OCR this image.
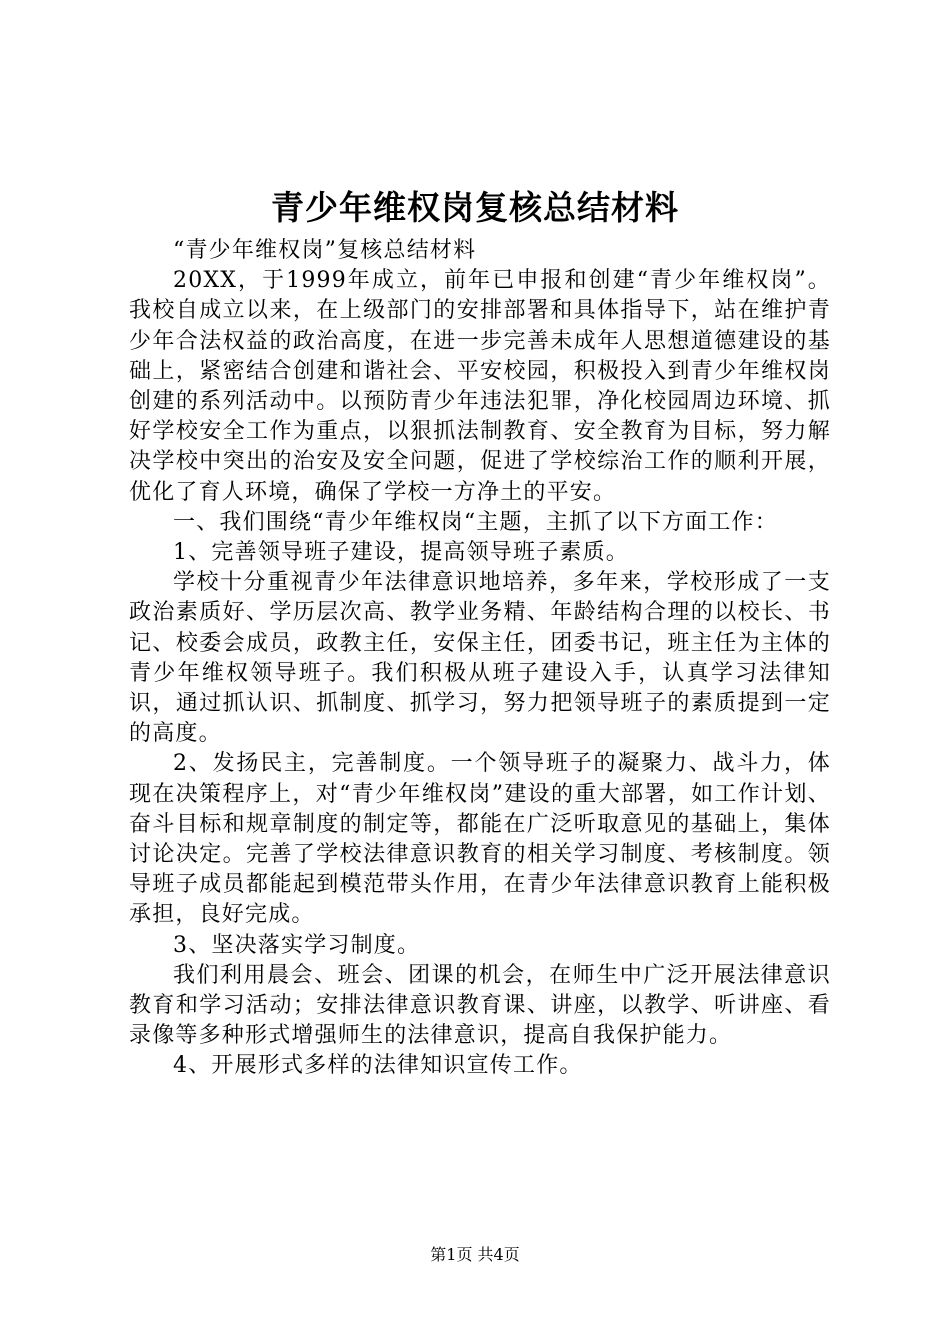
青少年维权岗复核总结材料

“青少年维权岗”复核总结材料

20XX，于1999年成立，前年已申报和创建“青少年维权岗”。我校自成立以来，在上级部门的安排部署和具体指导下，站在维护青少年合法权益的政治高度，在进一步完善未成年人思想道德建设的基础上，紧密结合创建和谐社会、平安校园，积极投入到青少年维权岗创建的系列活动中。以预防青少年违法犯罪，净化校园周边环境、抓好学校安全工作为重点，以狠抓法制教育、安全教育为目标，努力解决学校中突出的治安及安全问题，促进了学校综治工作的顺利开展，优化了育人环境，确保了学校一方净土的平安。

一、我们围绕“青少年维权岗“主题，主抓了以下方面工作：

1、完善领导班子建设，提高领导班子素质。

学校十分重视青少年法律意识地培养，多年来，学校形成了一支政治素质好、学历层次高、教学业务精、年龄结构合理的以校长、书记、校委会成员，政教主任，安保主任，团委书记，班主任为主体的青少年维权领导班子。我们积极从班子建设入手，认真学习法律知识，通过抓认识、抓制度、抓学习，努力把领导班子的素质提到一定的高度。

2、发扬民主，完善制度。一个领导班子的凝聚力、战斗力，体现在决策程序上，对“青少年维权岗”建设的重大部署，如工作计划、奋斗目标和规章制度的制定等，都能在广泛听取意见的基础上，集体讨论决定。完善了学校法律意识教育的相关学习制度、考核制度。领导班子成员都能起到模范带头作用，在青少年法律意识教育上能积极承担，良好完成。

3、坚决落实学习制度。

我们利用晨会、班会、团课的机会，在师生中广泛开展法律意识教育和学习活动；安排法律意识教育课、讲座，以教学、听讲座、看录像等多种形式增强师生的法律意识，提高自我保护能力。

4、开展形式多样的法律知识宣传工作。

第1页 共4页
